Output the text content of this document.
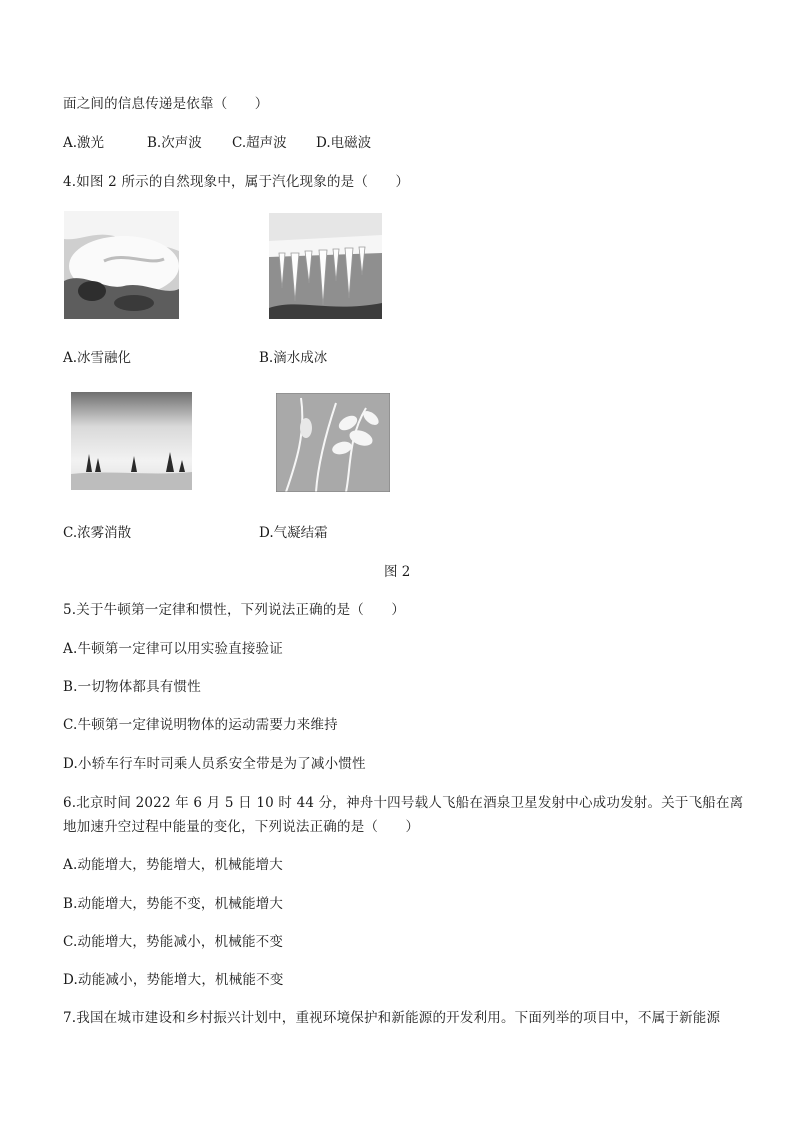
面之间的信息传递是依靠（　　）
A.激光	B.次声波 C.超声波 D.电磁波
4.如图 2 所示的自然现象中，属于汽化现象的是（　　）
A.冰雪融化	B.滴水成冰
C.浓雾消散	D.气凝结霜
图 2
5.关于牛顿第一定律和惯性，下列说法正确的是（　　）
A.牛顿第一定律可以用实验直接验证
B.一切物体都具有惯性
C.牛顿第一定律说明物体的运动需要力来维持
D.小轿车行车时司乘人员系安全带是为了减小惯性
6.北京时间 2022 年 6 月 5 日 10 时 44 分，神舟十四号载人飞船在酒泉卫星发射中心成功发射。关于飞船在离
地加速升空过程中能量的变化，下列说法正确的是（　　）
A.动能增大，势能增大，机械能增大
B.动能增大，势能不变，机械能增大
C.动能增大，势能减小，机械能不变
D.动能减小，势能增大，机械能不变
7.我国在城市建设和乡村振兴计划中，重视环境保护和新能源的开发利用。下面列举的项目中，不属于新能源
